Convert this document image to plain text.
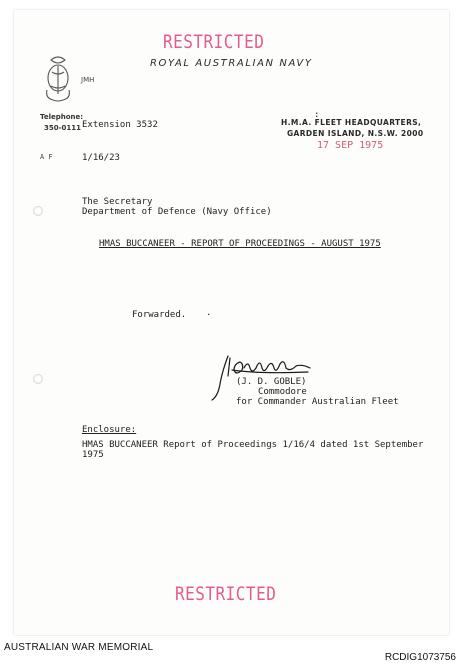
RESTRICTED
ROYAL AUSTRALIAN NAVY
JMH
Telephone:
350-0111 Extension 3532
:
H.M.A. FLEET HEADQUARTERS,
GARDEN ISLAND, N.S.W. 2000
17 SEP 1975
A F	1/16/23
The Secretary
Department of Defence (Navy Office)
HMAS BUCCANEER - REPORT OF PROCEEDINGS - AUGUST 1975
Forwarded. .
(J. D. GOBLE)
Commodore
for Commander Australian Fleet
Enclosure:
HMAS BUCCANEER Report of Proceedings 1/16/4 dated 1st September
1975
RESTRICTED
AUSTRALIAN WAR MEMORIAL
RCDIG1073756
